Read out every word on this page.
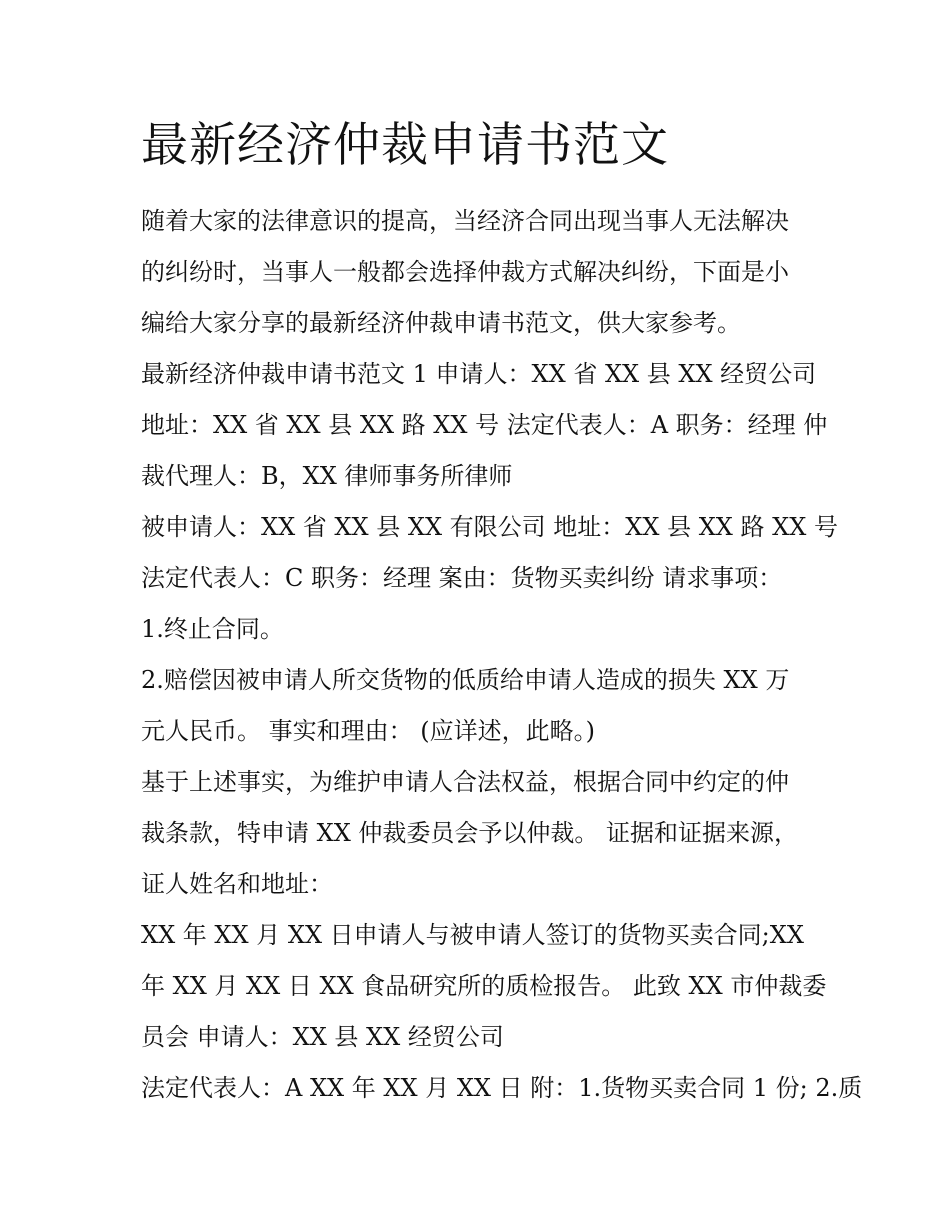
最新经济仲裁申请书范文
随着大家的法律意识的提高，当经济合同出现当事人无法解决
的纠纷时，当事人一般都会选择仲裁方式解决纠纷，下面是小
编给大家分享的最新经济仲裁申请书范文，供大家参考。
最新经济仲裁申请书范文 1 申请人：XX 省 XX 县 XX 经贸公司
地址：XX 省 XX 县 XX 路 XX 号 法定代表人：A 职务：经理 仲
裁代理人：B，XX 律师事务所律师
被申请人：XX 省 XX 县 XX 有限公司 地址：XX 县 XX 路 XX 号
法定代表人：C 职务：经理 案由：货物买卖纠纷 请求事项：
1.终止合同。
2.赔偿因被申请人所交货物的低质给申请人造成的损失 XX 万
元人民币。 事实和理由： (应详述，此略。)
基于上述事实，为维护申请人合法权益，根据合同中约定的仲
裁条款，特申请 XX 仲裁委员会予以仲裁。 证据和证据来源，
证人姓名和地址：
XX 年 XX 月 XX 日申请人与被申请人签订的货物买卖合同;XX
年 XX 月 XX 日 XX 食品研究所的质检报告。 此致 XX 市仲裁委
员会 申请人：XX 县 XX 经贸公司
法定代表人：A XX 年 XX 月 XX 日 附：1.货物买卖合同 1 份; 2.质
